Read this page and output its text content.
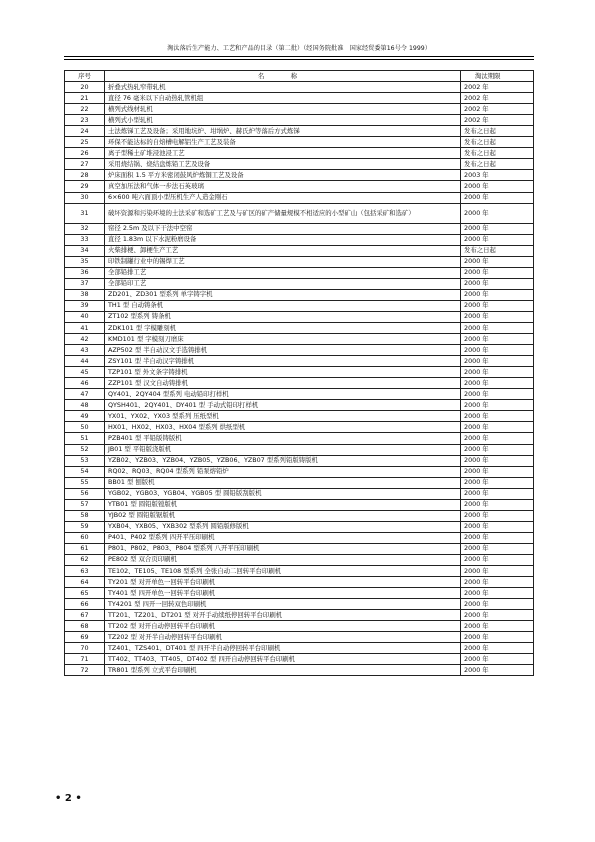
淘汰落后生产能力、工艺和产品的目录（第二批）（经国务院批准　国家经贸委第16号令 1999）
序号	名　称	淘汰期限
20	折叠式热轧窄带轧机	2002 年
21	直径 76 毫米以下自动热轧管机组	2002 年
22	横列式线材轧机	2002 年
23	横列式小型轧机	2002 年
24	土法炼锑工艺及设备；采用地坑炉、坩埚炉、赫氏炉等落后方式炼锑	发布之日起
25	环保不能达标的自焙槽电解铝生产工艺及装备	发布之日起
26	离子型稀土矿堆浸池浸工艺	发布之日起
27	采用烧结锅、烧结盘炼铅工艺及设备	发布之日起
28	炉床面积 1.5 平方米密闭鼓风炉炼铜工艺及设备	2003 年
29	真空加压法和气体一步法石英玻璃	2000 年
30	6×600 吨六面顶小型压机生产人造金刚石	2000 年
31	破坏资源和污染环境的土法采矿和选矿工艺及与矿区的矿产储量规模不相适应的小型矿山（包括采矿和选矿）	2000 年
32	窑径 2.5m 及以下干法中空窑	2000 年
33	直径 1.83m 以下水泥粉磨设备	2000 年
34	火柴排梗、卸梗生产工艺	发布之日起
35	印铁制罐行业中的锡焊工艺	2000 年
36	全部铅排工艺	2000 年
37	全部铅印工艺	2000 年
38	ZD201、ZD301 型系列 单字铸字机	2000 年
39	TH1 型 自动铸条机	2000 年
40	ZT102 型系列 铸条机	2000 年
41	ZDK101 型 字模雕刻机	2000 年
42	KMD101 型 字模刻刀磨床	2000 年
43	AZP502 型 半自动汉文手选铸排机	2000 年
44	ZSY101 型 半自动汉字铸排机	2000 年
45	TZP101 型 外文条字铸排机	2000 年
46	ZZP101 型 汉文自动铸排机	2000 年
47	QY401、2QY404 型系列 电动铅印打样机	2000 年
48	QYSH401、2QY401、DY401 型 手动式铅印打样机	2000 年
49	YX01、YX02、YX03 型系列 压纸型机	2000 年
50	HX01、HX02、HX03、HX04 型系列 烘纸型机	2000 年
51	PZB401 型 平铅版铸版机	2000 年
52	JB01 型 平铅版浇版机	2000 年
53	YZB02、YZB03、YZB04、YZB05、YZB06、YZB07 型系列铅版铸版机	2000 年
54	RQ02、RQ03、RQ04 型系列 铅泵熔铅炉	2000 年
55	BB01 型 刨版机	2000 年
56	YGB02、YGB03、YGB04、YGB05 型 圆铅版刮版机	2000 年
57	YTB01 型 圆铅版镗版机	2000 年
58	YJB02 型 圆铅版锯版机	2000 年
59	YXB04、YXB05、YXB302 型系列 圆铅版修版机	2000 年
60	P401、P402 型系列 四开平压印刷机	2000 年
61	P801、P802、P803、P804 型系列 八开平压印刷机	2000 年
62	PE802 型 双合页印刷机	2000 年
63	TE102、TE105、TE108 型系列 全张自动二回转平台印刷机	2000 年
64	TY201 型 对开单色一回转平台印刷机	2000 年
65	TY401 型 四开单色一回转平台印刷机	2000 年
66	TY4201 型 四开一回转双色印刷机	2000 年
67	TT201、TZ201、DT201 型 对开手动续纸停回转平台印刷机	2000 年
68	TT202 型 对开自动停回转平台印刷机	2000 年
69	TZ202 型 对开半自动停回转平台印刷机	2000 年
70	TZ401、TZS401、DT401 型 四开半自动停回转平台印刷机	2000 年
71	TT402、TT403、TT405、DT402 型 四开自动停回转平台印刷机	2000 年
72	TR801 型系列 立式平台印刷机	2000 年
• 2 •
